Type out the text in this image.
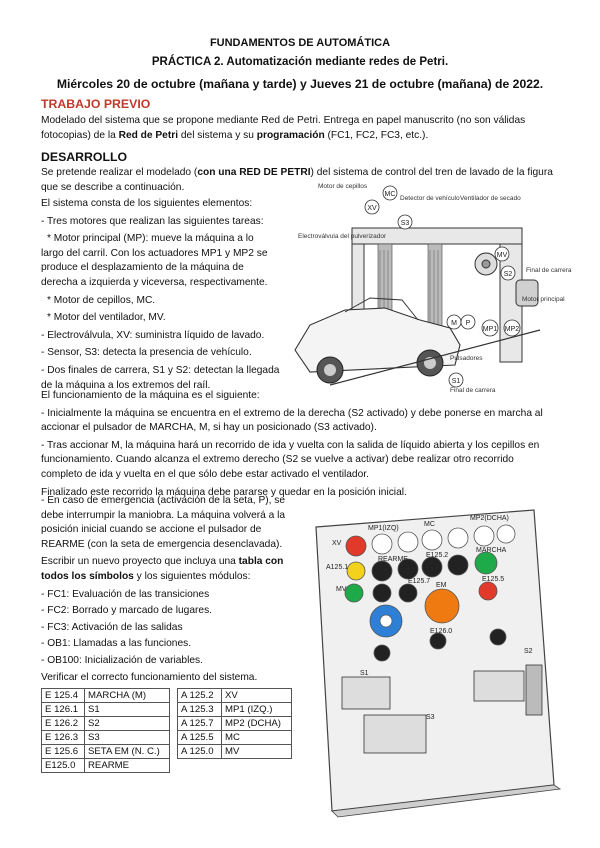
FUNDAMENTOS DE AUTOMÁTICA
PRÁCTICA 2. Automatización mediante redes de Petri.
Miércoles 20 de octubre (mañana y tarde) y Jueves 21 de octubre (mañana) de 2022.
TRABAJO PREVIO
Modelado del sistema que se propone mediante Red de Petri. Entrega en papel manuscrito (no son válidas
fotocopias) de la Red de Petri del sistema y su programación (FC1, FC2, FC3, etc.).
DESARROLLO
Se pretende realizar el modelado (con una RED DE PETRI) del sistema de control del tren de lavado de la figura
que se describe a continuación.
El sistema consta de los siguientes elementos:
- Tres motores que realizan las siguientes tareas:
* Motor principal (MP): mueve la máquina a lo
largo del carril. Con los actuadores MP1 y MP2 se
produce el desplazamiento de la máquina de
derecha a izquierda y viceversa, respectivamente.
* Motor de cepillos, MC.
* Motor del ventilador, MV.
- Electroválvula, XV: suministra líquido de lavado.
- Sensor, S3: detecta la presencia de vehículo.
- Dos finales de carrera, S1 y S2: detectan la llegada
de la máquina a los extremos del raíl.
El funcionamiento de la máquina es el siguiente:
- Inicialmente la máquina se encuentra en el extremo de la derecha (S2 activado) y debe ponerse en marcha al
accionar el pulsador de MARCHA, M, si hay un posicionado (S3 activado).
- Tras accionar M, la máquina hará un recorrido de ida y vuelta con la salida de líquido abierta y los cepillos en
funcionamiento. Cuando alcanza el extremo derecho (S2 se vuelve a activar) debe realizar otro recorrido
completo de ida y vuelta en el que sólo debe estar activado el ventilador.
Finalizado este recorrido la máquina debe pararse y quedar en la posición inicial.
- En caso de emergencia (activación de la seta, P), se
debe interrumpir la maniobra. La máquina volverá a la
posición inicial cuando se accione el pulsador de
REARME (con la seta de emergencia desenclavada).
Escribir un nuevo proyecto que incluya una tabla con
todos los símbolos y los siguientes módulos:
- FC1: Evaluación de las transiciones
- FC2: Borrado y marcado de lugares.
- FC3: Activación de las salidas
- OB1: Llamadas a las funciones.
- OB100: Inicialización de variables.
Verificar el correcto funcionamiento del sistema.
E 125.4	MARCHA (M)
E 126.1	S1
E 126.2	S2
E 126.3	S3
E 125.6	SETA EM (N. C.)
E125.0	REARME
A 125.2	XV
A 125.3	MP1 (IZQ.)
A 125.7	MP2 (DCHA)
A 125.5	MC
A 125.0	MV
Motor de cepillos
Detector de vehículo Ventilador de secado
Electroválvula del pulverizador
Final de carrera
Motor principal
Pulsadores
Final de carrera
XV
MC
S3
MV
S2
M P
MP1 MP2
S1
XV
MP1(IZQ)
MC
MP2(DCHA)
MARCHA
A125.1
REARME
E125.2
MV
E125.7
EM
E125.5
E126.0
S1
S2
S3
